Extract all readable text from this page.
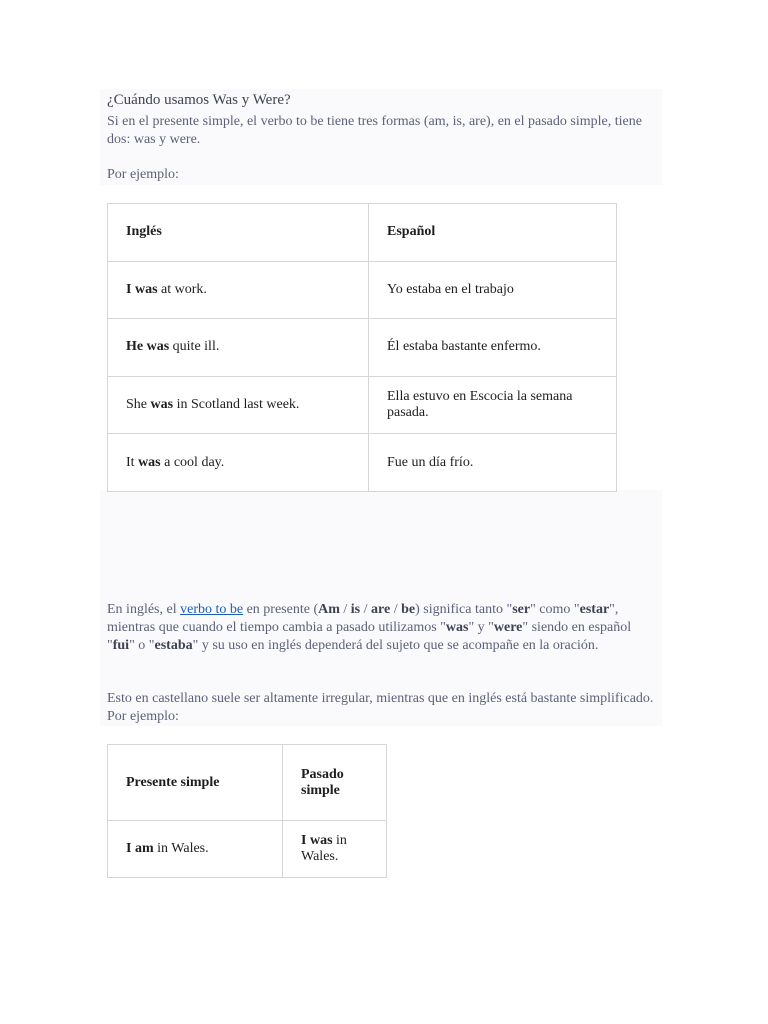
¿Cuándo usamos Was y Were?

Si en el presente simple, el verbo to be tiene tres formas (am, is, are), en el pasado simple, tiene dos: was y were.

Por ejemplo:

Inglés	Español
I was at work.	Yo estaba en el trabajo
He was quite ill.	Él estaba bastante enfermo.
She was in Scotland last week.	Ella estuvo en Escocia la semana pasada.
It was a cool day.	Fue un día frío.

En inglés, el verbo to be en presente (Am / is / are / be) significa tanto "ser" como "estar", mientras que cuando el tiempo cambia a pasado utilizamos "was" y "were" siendo en español "fui" o "estaba" y su uso en inglés dependerá del sujeto que se acompañe en la oración.

Esto en castellano suele ser altamente irregular, mientras que en inglés está bastante simplificado. Por ejemplo:

Presente simple	Pasado simple
I am in Wales.	I was in Wales.
